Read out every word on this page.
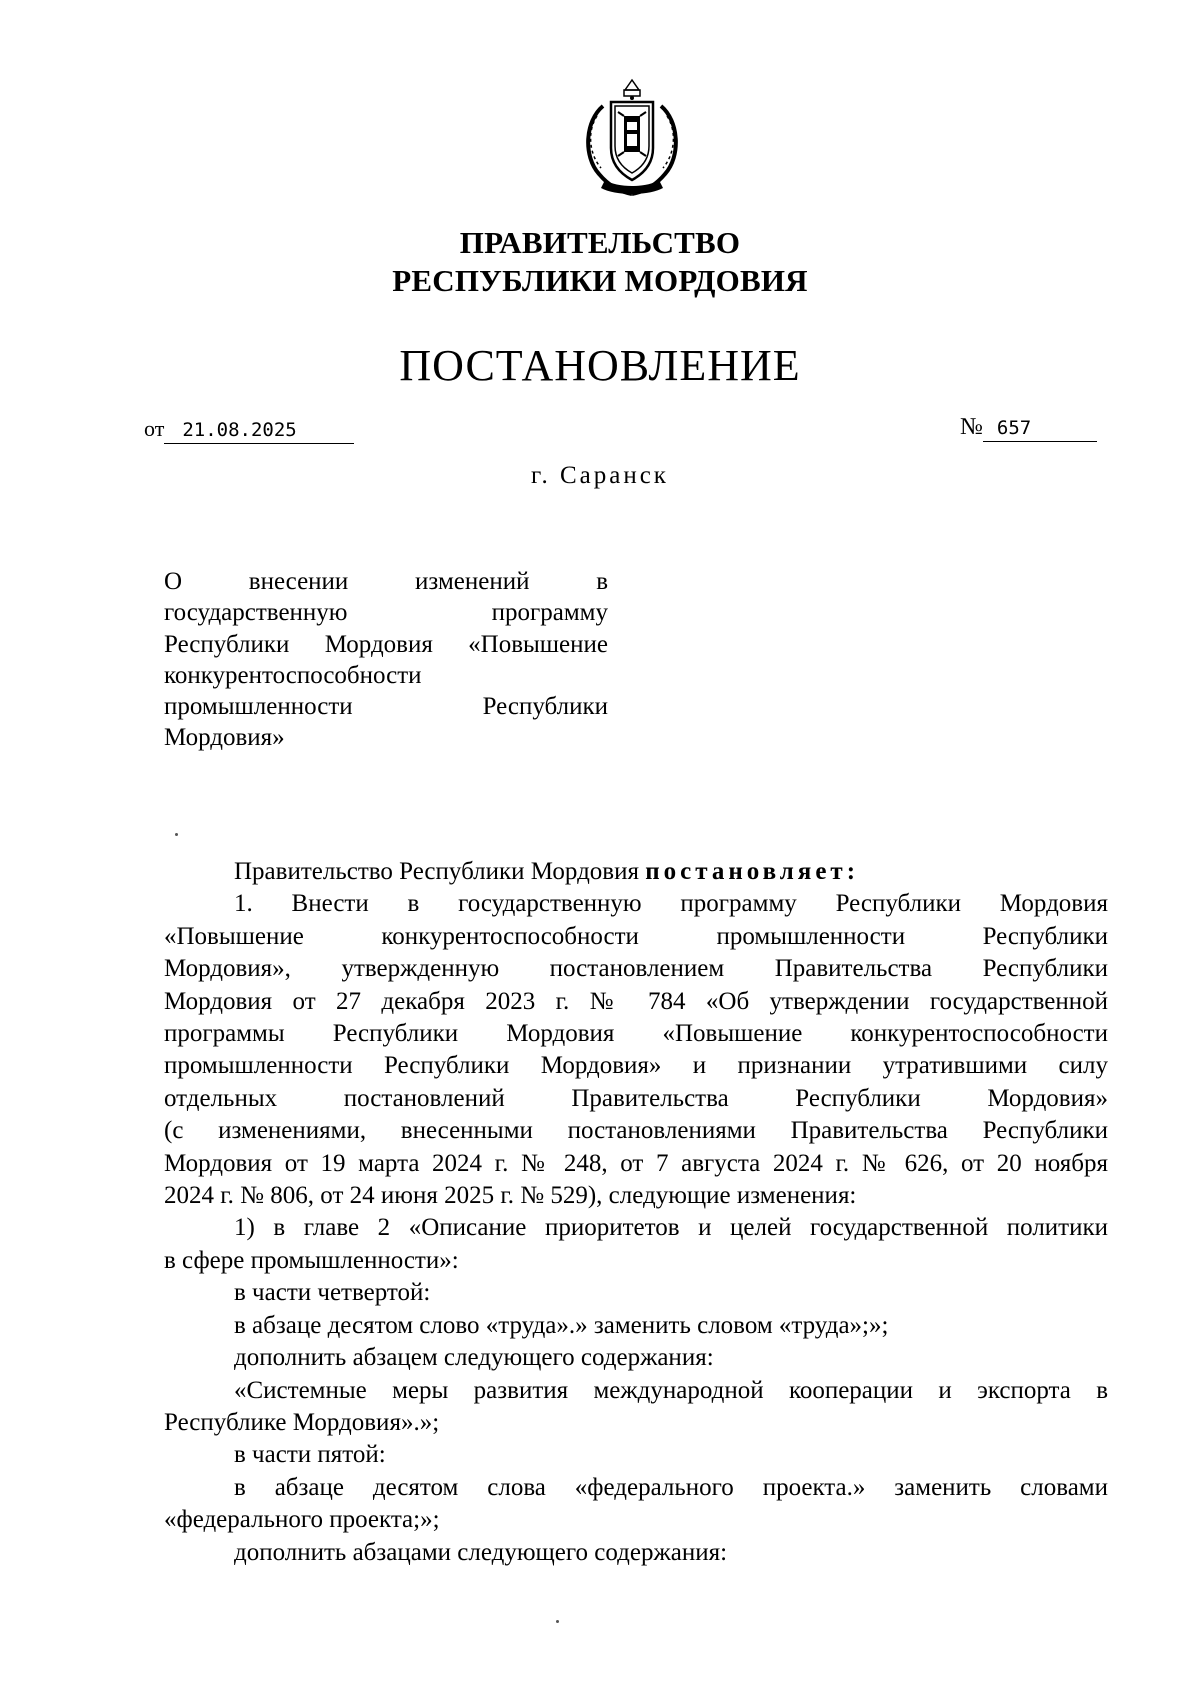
ПРАВИТЕЛЬСТВО
РЕСПУБЛИКИ МОРДОВИЯ
ПОСТАНОВЛЕНИЕ
от 21.08.2025	№ 657
г. Саранск
О внесении изменений в
государственную программу
Республики Мордовия «Повышение
конкурентоспособности
промышленности Республики
Мордовия»
Правительство Республики Мордовия постановляет:
1. Внести в государственную программу Республики Мордовия
«Повышение конкурентоспособности промышленности Республики
Мордовия», утвержденную постановлением Правительства Республики
Мордовия от 27 декабря 2023 г. № 784 «Об утверждении государственной
программы Республики Мордовия «Повышение конкурентоспособности
промышленности Республики Мордовия» и признании утратившими силу
отдельных постановлений Правительства Республики Мордовия»
(с изменениями, внесенными постановлениями Правительства Республики
Мордовия от 19 марта 2024 г. № 248, от 7 августа 2024 г. № 626, от 20 ноября
2024 г. № 806, от 24 июня 2025 г. № 529), следующие изменения:
1) в главе 2 «Описание приоритетов и целей государственной политики
в сфере промышленности»:
в части четвертой:
в абзаце десятом слово «труда».» заменить словом «труда»;»;
дополнить абзацем следующего содержания:
«Системные меры развития международной кооперации и экспорта в
Республике Мордовия».»;
в части пятой:
в абзаце десятом слова «федерального проекта.» заменить словами
«федерального проекта;»;
дополнить абзацами следующего содержания:
